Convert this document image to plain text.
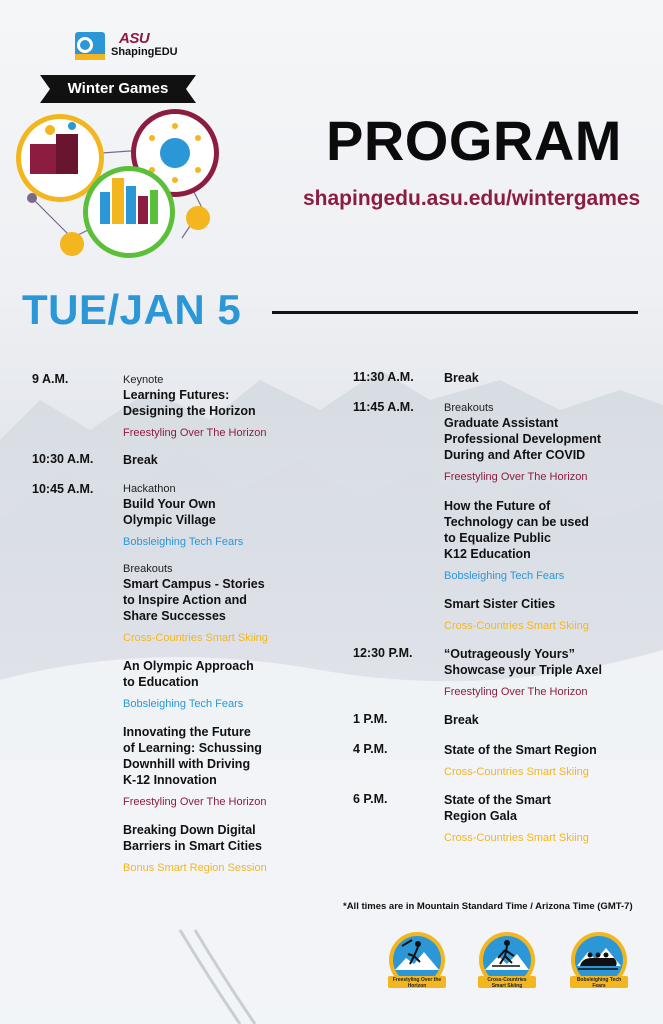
ASU
ShapingEDU
Winter Games
PROGRAM
shapingedu.asu.edu/wintergames
TUE/JAN 5
9 A.M.	Keynote
Learning Futures:
Designing the Horizon
Freestyling Over The Horizon
10:30 A.M. Break
10:45 A.M.	Hackathon
Build Your Own
Olympic Village
Bobsleighing Tech Fears
Breakouts
Smart Campus - Stories
to Inspire Action and
Share Successes
Cross-Countries Smart Skiing
An Olympic Approach
to Education
Bobsleighing Tech Fears
Innovating the Future
of Learning: Schussing
Downhill with Driving
K-12 Innovation
Freestyling Over The Horizon
Breaking Down Digital
Barriers in Smart Cities
Bonus Smart Region Session
11:30 A.M. Break
11:45 A.M.	Breakouts
Graduate Assistant
Professional Development
During and After COVID
Freestyling Over The Horizon
How the Future of
Technology can be used
to Equalize Public
K12 Education
Bobsleighing Tech Fears
Smart Sister Cities
Cross-Countries Smart Skiing
12:30 P.M.	“Outrageously Yours”
Showcase your Triple Axel
Freestyling Over The Horizon
1 P.M.	Break
4 P.M.	State of the Smart Region
Cross-Countries Smart Skiing
6 P.M.	State of the Smart
Region Gala
Cross-Countries Smart Skiing
*All times are in Mountain Standard Time / Arizona Time (GMT-7)
Freestyling Over the Horizon
Cross-Countries Smart Skiing
Bobsleighing Tech Fears
